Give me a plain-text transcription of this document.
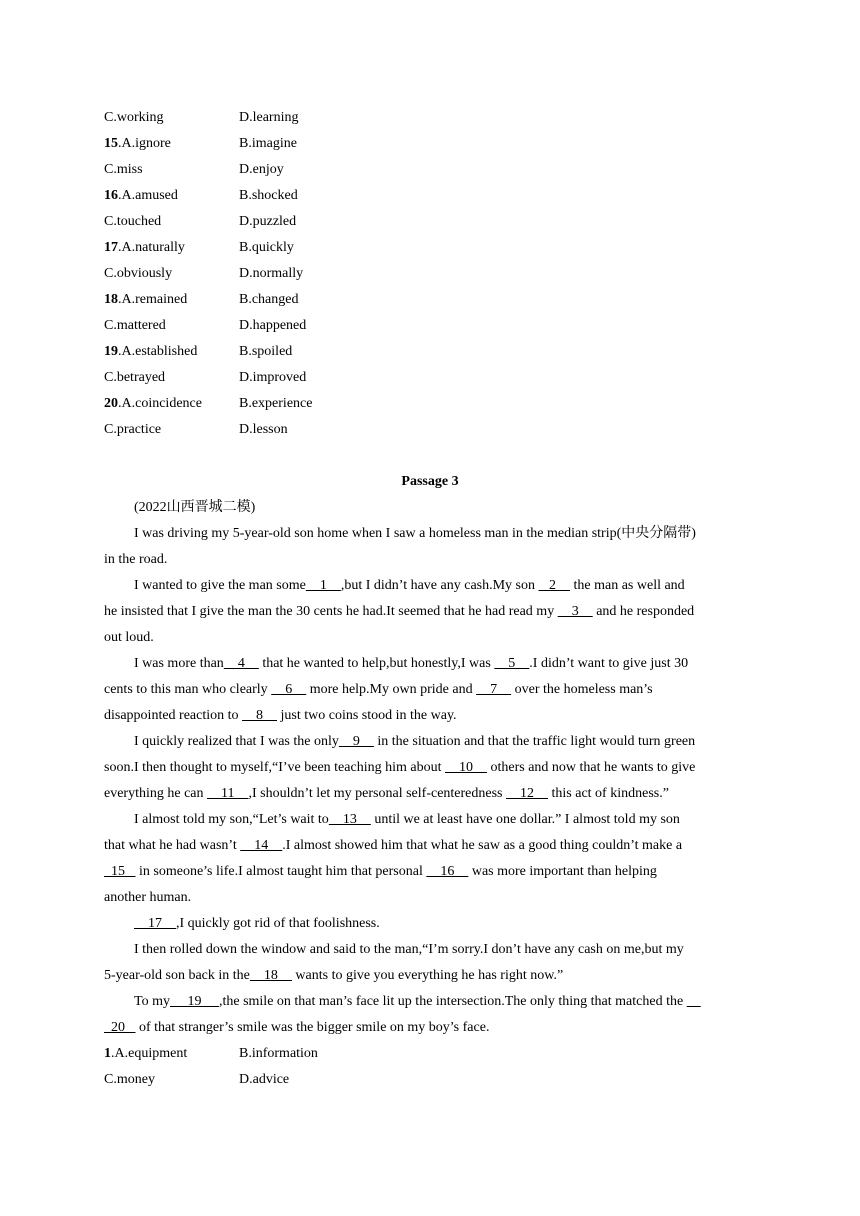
C.working	D.learning
15.A.ignore	B.imagine
C.miss	D.enjoy
16.A.amused	B.shocked
C.touched	D.puzzled
17.A.naturally	B.quickly
C.obviously	D.normally
18.A.remained	B.changed
C.mattered	D.happened
19.A.established	B.spoiled
C.betrayed	D.improved
20.A.coincidence	B.experience
C.practice	D.lesson
Passage 3
(2022山西晋城二模)
I was driving my 5-year-old son home when I saw a homeless man in the median strip(中央分隔带)
in the road.
I wanted to give the man some    1    ,but I didn’t have any cash.My son    2     the man as well and
he insisted that I give the man the 30 cents he had.It seemed that he had read my     3     and he responded
out loud.
I was more than    4     that he wanted to help,but honestly,I was     5    .I didn’t want to give just 30
cents to this man who clearly     6     more help.My own pride and     7     over the homeless man’s
disappointed reaction to     8     just two coins stood in the way.
I quickly realized that I was the only    9     in the situation and that the traffic light would turn green
soon.I then thought to myself,“I’ve been teaching him about     10     others and now that he wants to give
everything he can     11    ,I shouldn’t let my personal self-centeredness     12     this act of kindness.”
I almost told my son,“Let’s wait to    13     until we at least have one dollar.” I almost told my son
that what he had wasn’t     14    .I almost showed him that what he saw as a good thing couldn’t make a
15    in someone’s life.I almost taught him that personal     16     was more important than helping
another human.
17    ,I quickly got rid of that foolishness.
I then rolled down the window and said to the man,“I’m sorry.I don’t have any cash on me,but my
5-year-old son back in the    18     wants to give you everything he has right now.”
To my     19     ,the smile on that man’s face lit up the intersection.The only thing that matched the
20    of that stranger’s smile was the bigger smile on my boy’s face.
1.A.equipment	B.information
C.money	D.advice
